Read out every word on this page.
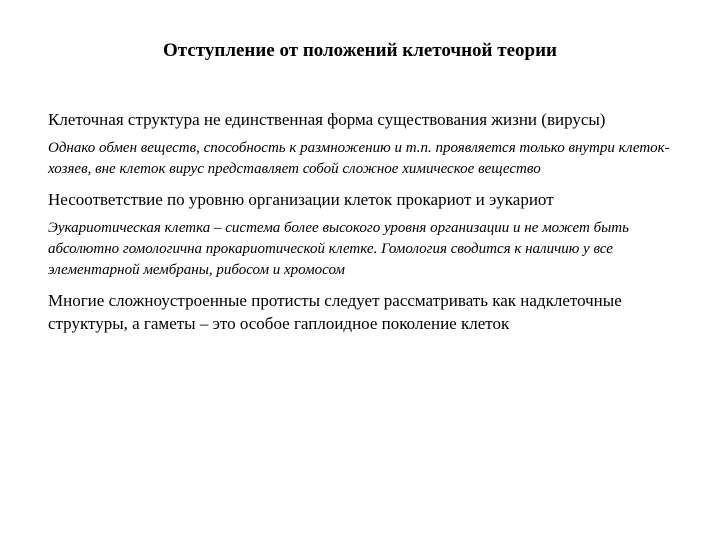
Отступление от положений клеточной теории

Клеточная структура не единственная форма существования жизни (вирусы)

Однако обмен веществ, способность к размножению и т.п. проявляется только внутри клеток-хозяев, вне клеток вирус представляет собой сложное химическое вещество

Несоответствие по уровню организации клеток прокариот и эукариот

Эукариотическая клетка – система более высокого уровня организации и не может быть абсолютно гомологична прокариотической клетке. Гомология сводится к наличию у все элементарной мембраны, рибосом и хромосом

Многие сложноустроенные протисты следует рассматривать как надклеточные структуры, а гаметы – это особое гаплоидное поколение клеток
